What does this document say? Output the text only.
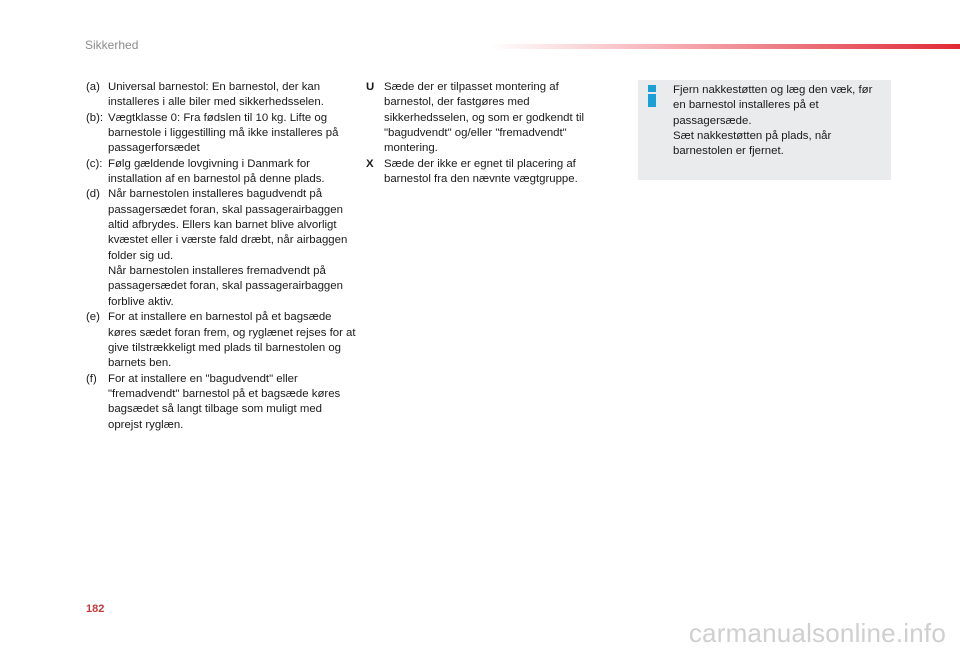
Sikkerhed
(a) Universal barnestol: En barnestol, der kan installeres i alle biler med sikkerhedsselen.
(b): Vægtklasse 0: Fra fødslen til 10 kg. Lifte og barnestole i liggestilling må ikke installeres på passagerforsædet
(c): Følg gældende lovgivning i Danmark for installation af en barnestol på denne plads.
(d) Når barnestolen installeres bagudvendt på passagersædet foran, skal passagerairbaggen altid afbrydes. Ellers kan barnet blive alvorligt kvæstet eller i værste fald dræbt, når airbaggen folder sig ud.
Når barnestolen installeres fremadvendt på passagersædet foran, skal passagerairbaggen forblive aktiv.
(e) For at installere en barnestol på et bagsæde køres sædet foran frem, og ryglænet rejses for at give tilstrækkeligt med plads til barnestolen og barnets ben.
(f) For at installere en "bagudvendt" eller "fremadvendt" barnestol på et bagsæde køres bagsædet så langt tilbage som muligt med oprejst ryglæn.
U Sæde der er tilpasset montering af barnestol, der fastgøres med sikkerhedsselen, og som er godkendt til "bagudvendt" og/eller "fremadvendt" montering.
X Sæde der ikke er egnet til placering af barnestol fra den nævnte vægtgruppe.
Fjern nakkestøtten og læg den væk, før en barnestol installeres på et passagersæde.
Sæt nakkestøtten på plads, når barnestolen er fjernet.
182
carmanualsonline.info
